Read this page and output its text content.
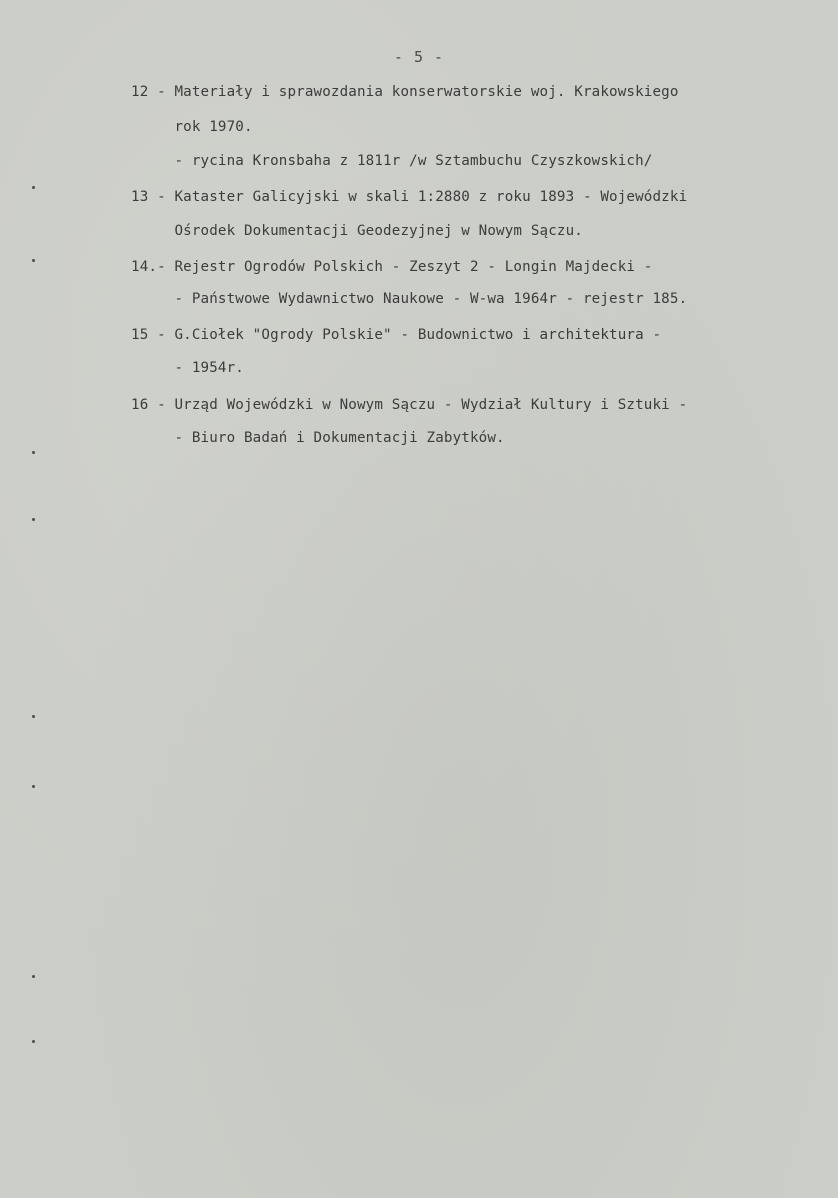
- 5 -
12 - Materiały i sprawozdania konserwatorskie woj. Krakowskiego
rok 1970.
- rycina Kronsbaha z 1811r /w Sztambuchu Czyszkowskich/
13 - Kataster Galicyjski w skali 1:2880 z roku 1893 - Wojewódzki
Ośrodek Dokumentacji Geodezyjnej w Nowym Sączu.
14.- Rejestr Ogrodów Polskich - Zeszyt 2 - Longin Majdecki -
- Państwowe Wydawnictwo Naukowe - W-wa 1964r - rejestr 185.
15 - G.Ciołek "Ogrody Polskie" - Budownictwo i architektura -
- 1954r.
16 - Urząd Wojewódzki w Nowym Sączu - Wydział Kultury i Sztuki -
- Biuro Badań i Dokumentacji Zabytków.
